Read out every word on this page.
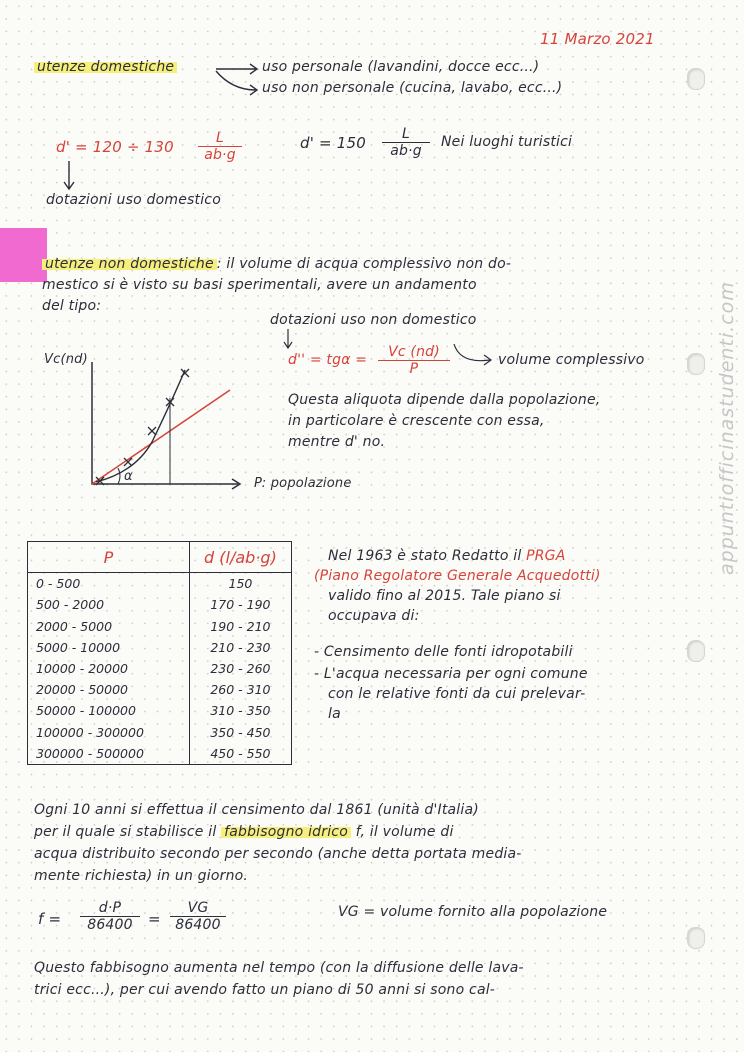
appuntiofficinastudenti.com
11 Marzo 2021
utenze domestiche	uso personale (lavandini, docce ecc...)
uso non personale (cucina, lavabo, ecc...)
$d' = 120 \div 130 \frac{L}{ab\cdot g}$
dotazioni uso domestico
$d' = 150 \frac{L}{ab\cdot g}$ Nei luoghi turistici
utenze non domestiche : il volume di acqua complessivo non do-
mestico si è visto su basi sperimentali, avere un andamento
del tipo:
Vc(nd)
P: popolazione
α
dotazioni uso non domestico
$d'' = tg\alpha = \frac{Vc (nd)}{P}$	volume complessivo
Questa aliquota dipende dalla popolazione,
in particolare è crescente con essa,
mentre d' no.
P	d (l/ab·g)
0 - 500	150
500 - 2000	170 - 190
2000 - 5000	190 - 210
5000 - 10000	210 - 230
10000 - 20000	230 - 260
20000 - 50000	260 - 310
50000 - 100000	310 - 350
100000 - 300000	350 - 450
300000 - 500000	450 - 550
Nel 1963 è stato Redatto il PRGA
(Piano Regolatore Generale Acquedotti)
valido fino al 2015. Tale piano si
occupava di:
- Censimento delle fonti idropotabili
- L'acqua necessaria per ogni comune
con le relative fonti da cui prelevar-
la
Ogni 10 anni si effettua il censimento dal 1861 (unità d'Italia)
per il quale si stabilisce il fabbisogno idrico f, il volume di
acqua distribuito secondo per secondo (anche detta portata media-
mente richiesta) in un giorno.
$f = \frac{d\cdot P}{86400} = \frac{VG}{86400}$	VG = volume fornito alla popolazione
Questo fabbisogno aumenta nel tempo (con la diffusione delle lava-
trici ecc...), per cui avendo fatto un piano di 50 anni si sono cal-
